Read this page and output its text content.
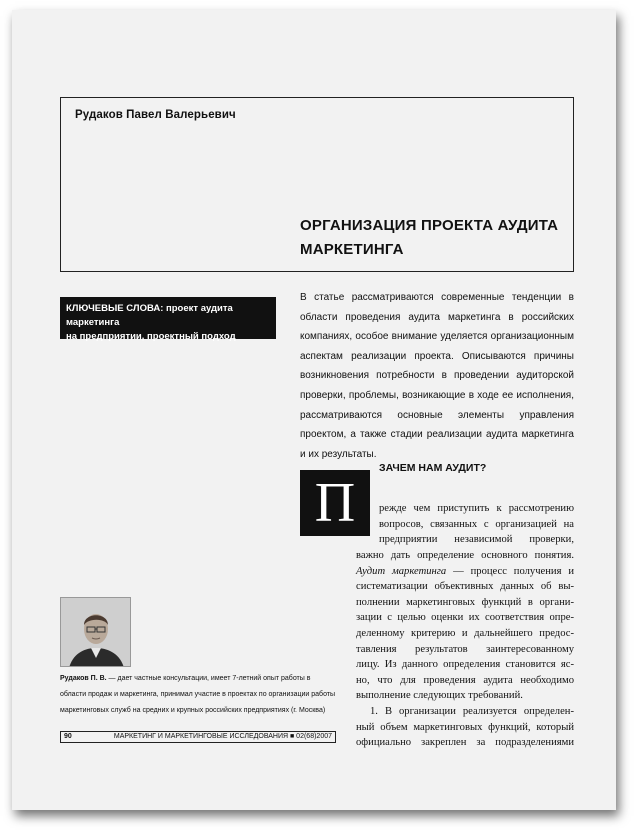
Рудаков Павел Валерьевич
ОРГАНИЗАЦИЯ ПРОЕКТА АУДИТА
МАРКЕТИНГА
КЛЮЧЕВЫЕ СЛОВА: проект аудита маркетинга
на предприятии, проектный подход
В статье рассматриваются современные тенденции в области проведения аудита маркетинга в российских компаниях, особое внимание уделяется организационным аспектам реализации проекта. Описываются причины возникновения потребности в проведении аудиторской проверки, проблемы, возникающие в ходе ее исполнения, рассматриваются основные элементы управления проектом, а также стадии реализации аудита маркетинга и их результаты.
ЗАЧЕМ НАМ АУДИТ?
П	режде чем приступить к рассмотрению
вопросов, связанных с организацией на
предприятии независимой проверки,
важно дать определение основного понятия.
Аудит маркетинга — процесс получения и
систематизации объективных данных об вы-
полнении маркетинговых функций в органи-
зации с целью оценки их соответствия опре-
деленному критерию и дальнейшего предос-
тавления результатов заинтересованному
лицу. Из данного определения становится яс-
но, что для проведения аудита необходимо
выполнение следующих требований.
1. В организации реализуется определен-
ный объем маркетинговых функций, который
официально закреплен за подразделениями
Рудаков П. В. — дает частные консультации, имеет 7-летний опыт работы в области продаж и маркетинга, принимал участие в проектах по организации работы маркетинговых служб на средних и крупных российских предприятиях (г. Москва)
90	МАРКЕТИНГ И МАРКЕТИНГОВЫЕ ИССЛЕДОВАНИЯ ■ 02(68)2007
